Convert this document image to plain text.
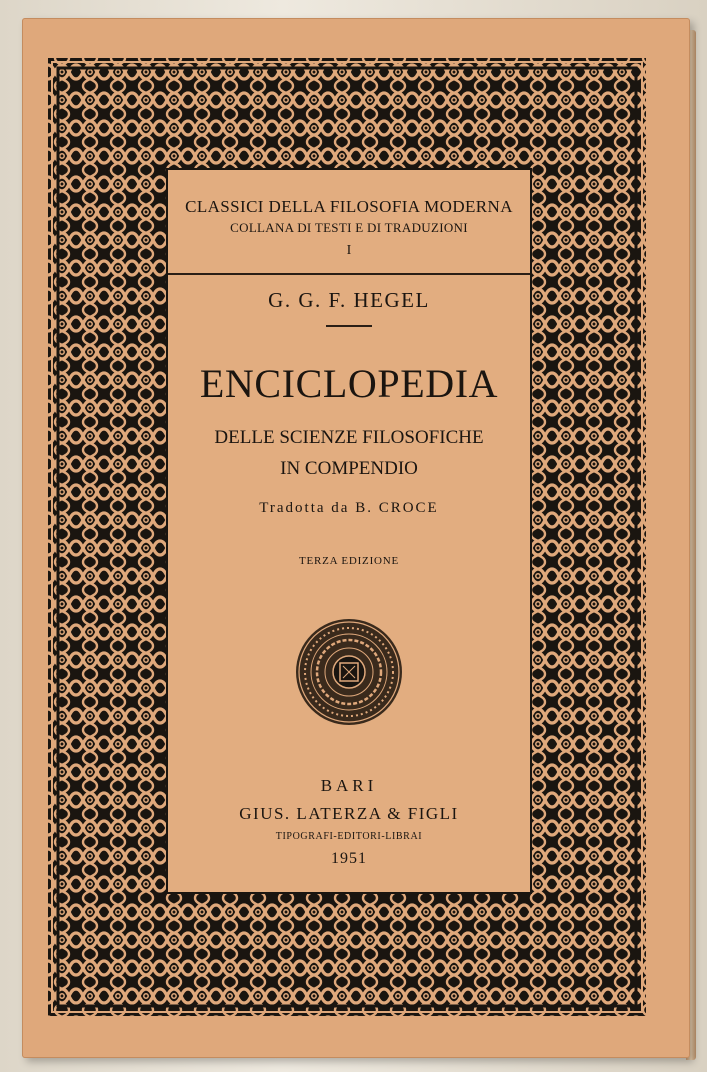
CLASSICI DELLA FILOSOFIA MODERNA
COLLANA DI TESTI E DI TRADUZIONI
I
G. G. F. HEGEL
ENCICLOPEDIA
DELLE SCIENZE FILOSOFICHE
IN COMPENDIO
Tradotta da B. CROCE
TERZA EDIZIONE
BARI
GIUS. LATERZA & FIGLI
TIPOGRAFI-EDITORI-LIBRAI
1951
